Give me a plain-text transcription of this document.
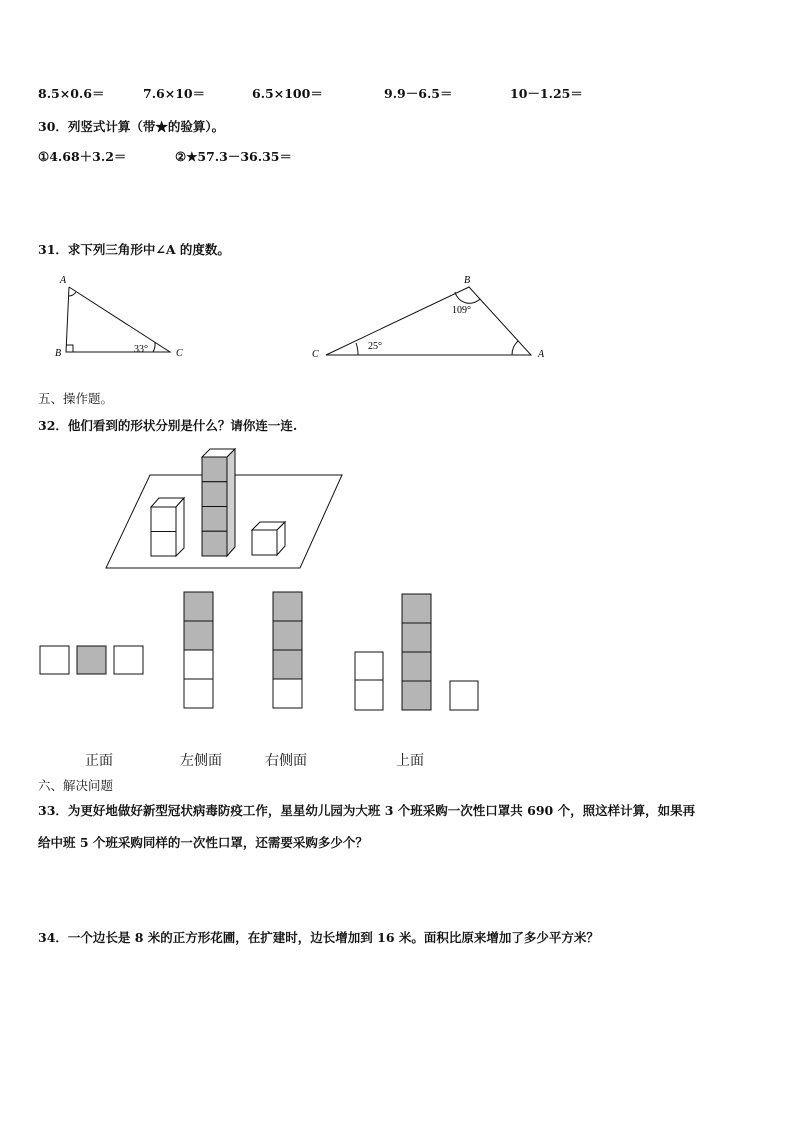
8.5×0.6＝	7.6×10＝	6.5×100＝	9.9－6.5＝	10－1.25＝
30．列竖式计算（带★的验算）。
①4.68＋3.2＝	②★57.3－36.35＝
31．求下列三角形中∠A 的度数。
A
B	C
33°
B
C	A
109°
25°
五、操作题。
32．他们看到的形状分别是什么？请你连一连.
正面	左侧面	右侧面	上面
六、解决问题
33．为更好地做好新型冠状病毒防疫工作，星星幼儿园为大班 3 个班采购一次性口罩共 690 个，照这样计算，如果再
给中班 5 个班采购同样的一次性口罩，还需要采购多少个？
34．一个边长是 8 米的正方形花圃，在扩建时，边长增加到 16 米。面积比原来增加了多少平方米？
